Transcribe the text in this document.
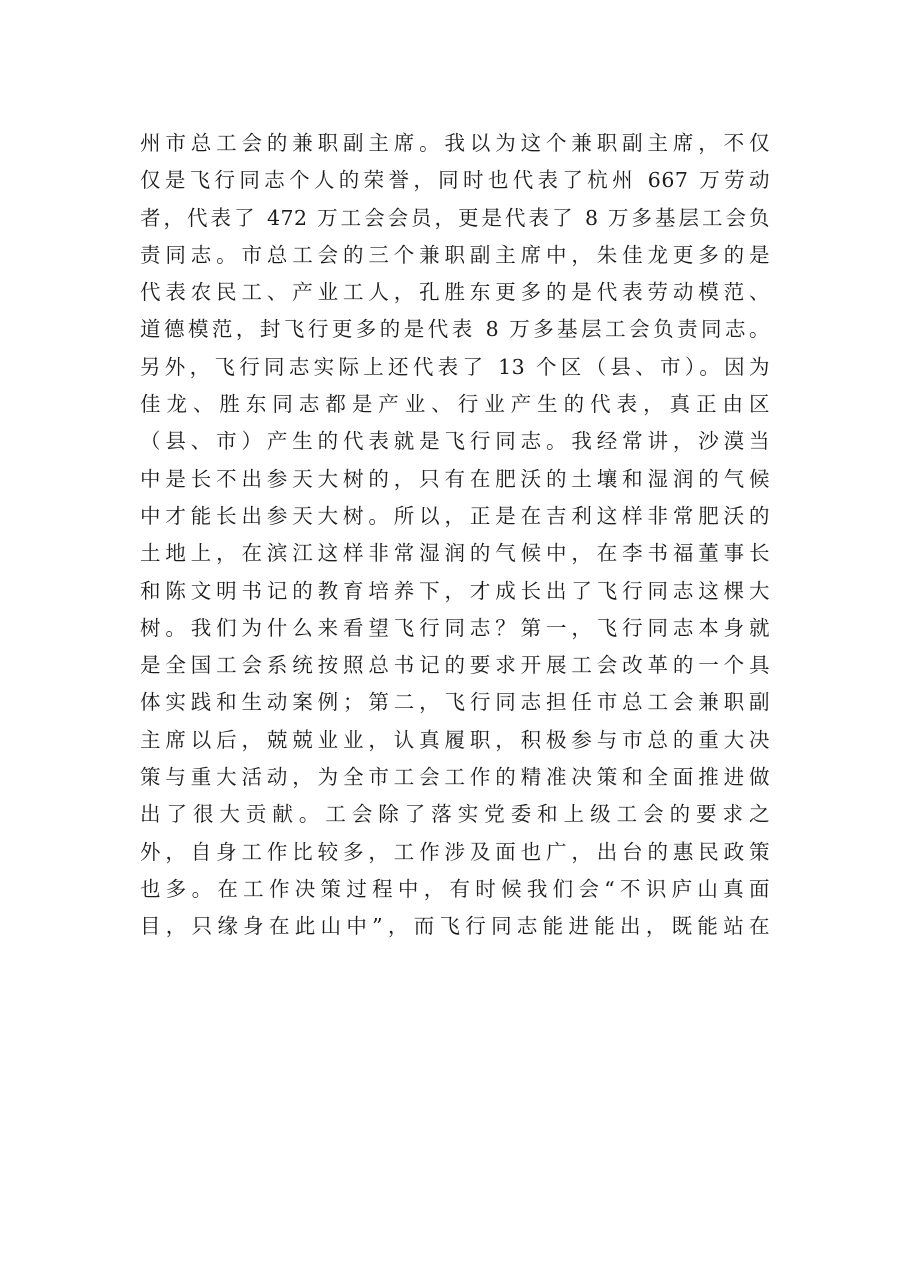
州市总工会的兼职副主席。我以为这个兼职副主席，不仅
仅是飞行同志个人的荣誉，同时也代表了杭州 667 万劳动
者，代表了 472 万工会会员，更是代表了 8 万多基层工会负
责同志。市总工会的三个兼职副主席中，朱佳龙更多的是
代表农民工、产业工人，孔胜东更多的是代表劳动模范、
道德模范，封飞行更多的是代表 8 万多基层工会负责同志。
另外，飞行同志实际上还代表了 13 个区（县、市）。因为
佳龙、胜东同志都是产业、行业产生的代表，真正由区
（县、市）产生的代表就是飞行同志。我经常讲，沙漠当
中是长不出参天大树的，只有在肥沃的土壤和湿润的气候
中才能长出参天大树。所以，正是在吉利这样非常肥沃的
土地上，在滨江这样非常湿润的气候中，在李书福董事长
和陈文明书记的教育培养下，才成长出了飞行同志这棵大
树。我们为什么来看望飞行同志？第一，飞行同志本身就
是全国工会系统按照总书记的要求开展工会改革的一个具
体实践和生动案例；第二，飞行同志担任市总工会兼职副
主席以后，兢兢业业，认真履职，积极参与市总的重大决
策与重大活动，为全市工会工作的精准决策和全面推进做
出了很大贡献。工会除了落实党委和上级工会的要求之
外，自身工作比较多，工作涉及面也广，出台的惠民政策
也多。在工作决策过程中，有时候我们会“不识庐山真面
目，只缘身在此山中”，而飞行同志能进能出，既能站在
